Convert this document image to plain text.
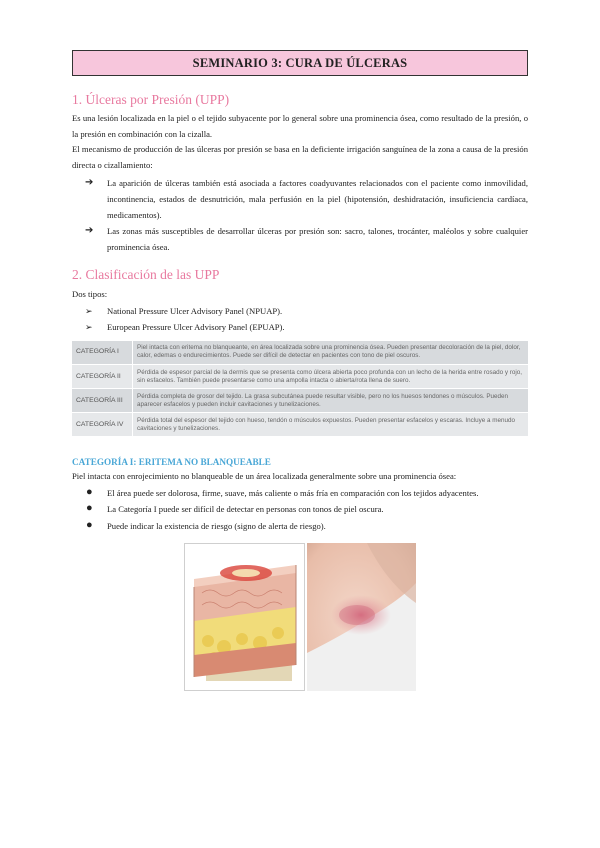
SEMINARIO 3: CURA DE ÚLCERAS
1. Úlceras por Presión (UPP)

Es una lesión localizada en la piel o el tejido subyacente por lo general sobre una prominencia ósea, como resultado de la presión, o la presión en combinación con la cizalla.

El mecanismo de producción de las úlceras por presión se basa en la deficiente irrigación sanguínea de la zona a causa de la presión directa o cizallamiento:

➔ La aparición de úlceras también está asociada a factores coadyuvantes relacionados con el paciente como inmovilidad, incontinencia, estados de desnutrición, mala perfusión en la piel (hipotensión, deshidratación, insuficiencia cardíaca, medicamentos).
➔ Las zonas más susceptibles de desarrollar úlceras por presión son: sacro, talones, trocánter, maléolos y sobre cualquier prominencia ósea.
2. Clasificación de las UPP

Dos tipos:

➢ National Pressure Ulcer Advisory Panel (NPUAP).
➢ European Pressure Ulcer Advisory Panel (EPUAP).
CATEGORÍA I	Piel intacta con eritema no blanqueante, en área localizada sobre una prominencia ósea. Pueden presentar decoloración de la piel, dolor, calor, edemas o endurecimientos. Puede ser difícil de detectar en pacientes con tono de piel oscuros.
CATEGORÍA II	Pérdida de espesor parcial de la dermis que se presenta como úlcera abierta poco profunda con un lecho de la herida entre rosado y rojo, sin esfacelos. También puede presentarse como una ampolla intacta o abierta/rota llena de suero.
CATEGORÍA III	Pérdida completa de grosor del tejido. La grasa subcutánea puede resultar visible, pero no los huesos tendones o músculos. Pueden aparecer esfacelos y pueden incluir cavitaciones y tunelizaciones.
CATEGORÍA IV	Pérdida total del espesor del tejido con hueso, tendón o músculos expuestos. Pueden presentar esfacelos y escaras. Incluye a menudo cavitaciones y tunelizaciones.
CATEGORÍA I: ERITEMA NO BLANQUEABLE

Piel intacta con enrojecimiento no blanqueable de un área localizada generalmente sobre una prominencia ósea:

● El área puede ser dolorosa, firme, suave, más caliente o más fría en comparación con los tejidos adyacentes.
● La Categoría I puede ser difícil de detectar en personas con tonos de piel oscura.
● Puede indicar la existencia de riesgo (signo de alerta de riesgo).
